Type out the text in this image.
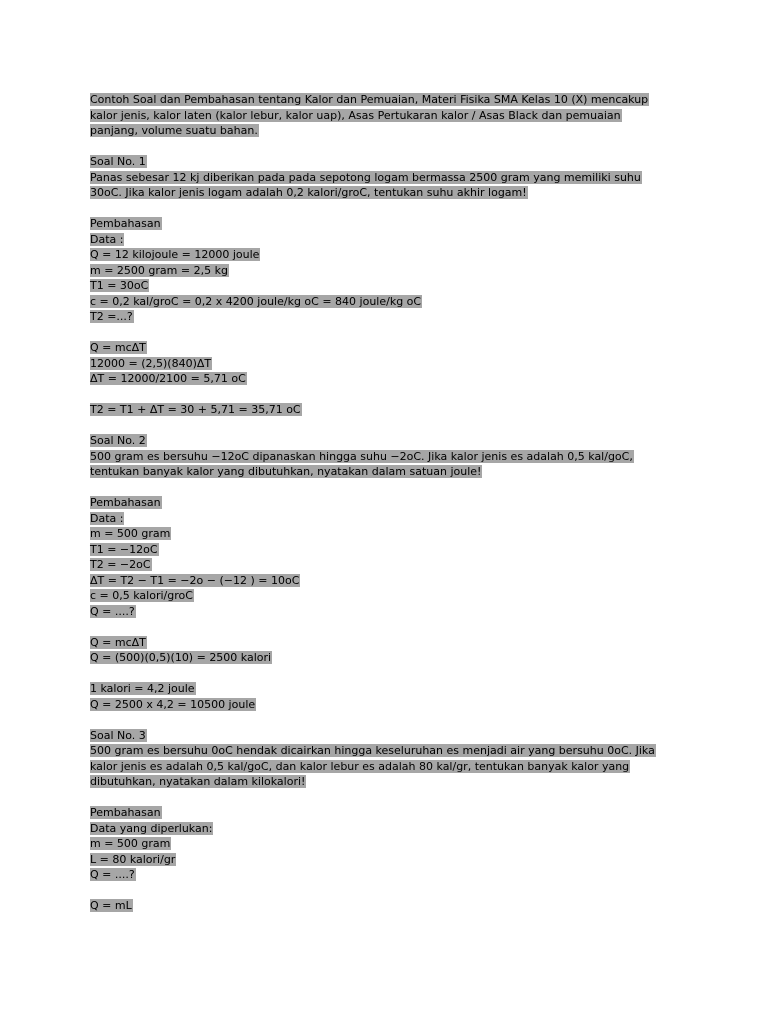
Contoh Soal dan Pembahasan tentang Kalor dan Pemuaian, Materi Fisika SMA Kelas 10 (X) mencakup
kalor jenis, kalor laten (kalor lebur, kalor uap), Asas Pertukaran kalor / Asas Black dan pemuaian
panjang, volume suatu bahan.
Soal No. 1
Panas sebesar 12 kj diberikan pada pada sepotong logam bermassa 2500 gram yang memiliki suhu
30oC. Jika kalor jenis logam adalah 0,2 kalori/groC, tentukan suhu akhir logam!
Pembahasan
Data :
Q = 12 kilojoule = 12000 joule
m = 2500 gram = 2,5 kg
T1 = 30oC
c = 0,2 kal/groC = 0,2 x 4200 joule/kg oC = 840 joule/kg oC
T2 =...?
Q = mcΔT
12000 = (2,5)(840)ΔT
ΔT = 12000/2100 = 5,71 oC
T2 = T1 + ΔT = 30 + 5,71 = 35,71 oC
Soal No. 2
500 gram es bersuhu −12oC dipanaskan hingga suhu −2oC. Jika kalor jenis es adalah 0,5 kal/goC,
tentukan banyak kalor yang dibutuhkan, nyatakan dalam satuan joule!
Pembahasan
Data :
m = 500 gram
T1 = −12oC
T2 = −2oC
ΔT = T2 − T1 = −2o − (−12 ) = 10oC
c = 0,5 kalori/groC
Q = ....?
Q = mcΔT
Q = (500)(0,5)(10) = 2500 kalori
1 kalori = 4,2 joule
Q = 2500 x 4,2 = 10500 joule
Soal No. 3
500 gram es bersuhu 0oC hendak dicairkan hingga keseluruhan es menjadi air yang bersuhu 0oC. Jika
kalor jenis es adalah 0,5 kal/goC, dan kalor lebur es adalah 80 kal/gr, tentukan banyak kalor yang
dibutuhkan, nyatakan dalam kilokalori!
Pembahasan
Data yang diperlukan:
m = 500 gram
L = 80 kalori/gr
Q = ....?
Q = mL
